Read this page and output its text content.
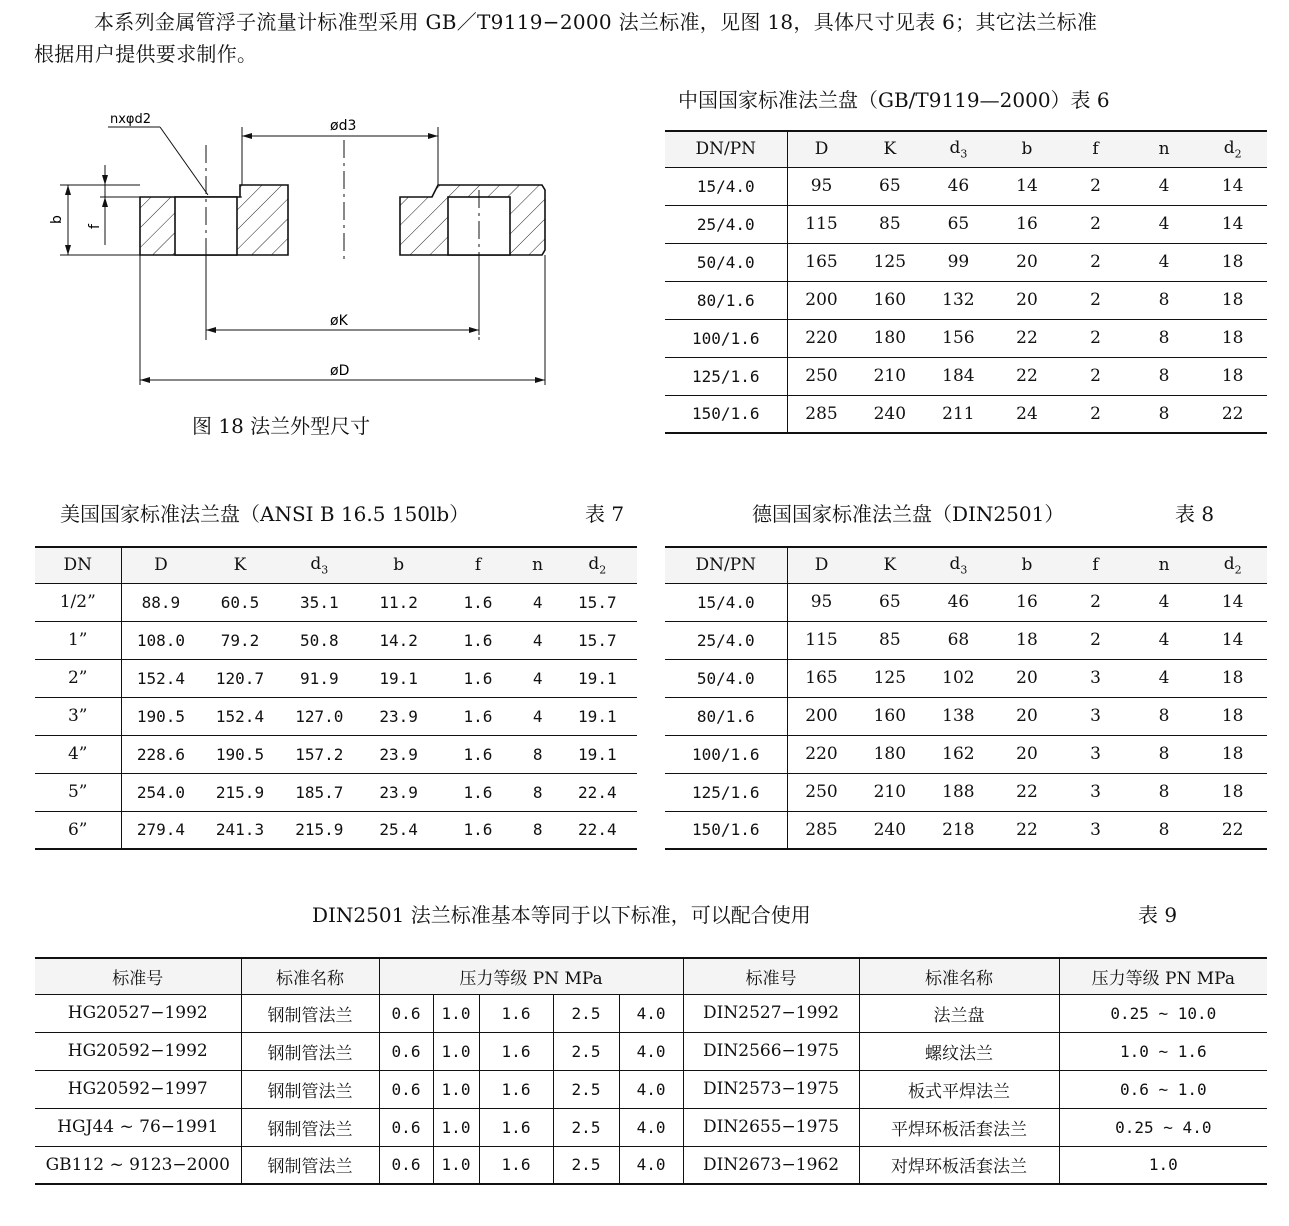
本系列金属管浮子流量计标准型采用 GB／T9119−2000 法兰标准，见图 18，具体尺寸见表 6；其它法兰标准
根据用户提供要求制作。
nxφd2	ød3
øK
øD
b
f
图 18 法兰外型尺寸
中国国家标准法兰盘（GB/T9119—2000）表 6
DN/PN	D	K	$d_3$	b	f	n	$d_2$
15/4.0	95	65	46	14	2	4	14
25/4.0	115	85	65	16	2	4	14
50/4.0	165	125	99	20	2	4	18
80/1.6	200	160	132	20	2	8	18
100/1.6	220	180	156	22	2	8	18
125/1.6	250	210	184	22	2	8	18
150/1.6	285	240	211	24	2	8	22
美国国家标准法兰盘（ANSI B 16.5 150lb）	表 7
DN	D	K	$d_3$	b	f	n	$d_2$
1/2”	88.9	60.5	35.1	11.2	1.6	4	15.7
1”	108.0	79.2	50.8	14.2	1.6	4	15.7
2”	152.4	120.7	91.9	19.1	1.6	4	19.1
3”	190.5	152.4	127.0	23.9	1.6	4	19.1
4”	228.6	190.5	157.2	23.9	1.6	8	19.1
5”	254.0	215.9	185.7	23.9	1.6	8	22.4
6”	279.4	241.3	215.9	25.4	1.6	8	22.4
德国国家标准法兰盘（DIN2501）	表 8
DN/PN	D	K	$d_3$	b	f	n	$d_2$
15/4.0	95	65	46	16	2	4	14
25/4.0	115	85	68	18	2	4	14
50/4.0	165	125	102	20	3	4	18
80/1.6	200	160	138	20	3	8	18
100/1.6	220	180	162	20	3	8	18
125/1.6	250	210	188	22	3	8	18
150/1.6	285	240	218	22	3	8	22
DIN2501 法兰标准基本等同于以下标准，可以配合使用	表 9
标准号	标准名称	压力等级 PN MPa					标准号	标准名称	压力等级 PN MPa
HG20527−1992	钢制管法兰	0.6	1.0	1.6	2.5	4.0	DIN2527−1992	法兰盘	0.25 ~ 10.0
HG20592−1992	钢制管法兰	0.6	1.0	1.6	2.5	4.0	DIN2566−1975	螺纹法兰	1.0 ~ 1.6
HG20592−1997	钢制管法兰	0.6	1.0	1.6	2.5	4.0	DIN2573−1975	板式平焊法兰	0.6 ~ 1.0
HGJ44 ~ 76−1991	钢制管法兰	0.6	1.0	1.6	2.5	4.0	DIN2655−1975	平焊环板活套法兰	0.25 ~ 4.0
GB112 ~ 9123−2000	钢制管法兰	0.6	1.0	1.6	2.5	4.0	DIN2673−1962	对焊环板活套法兰	1.0
